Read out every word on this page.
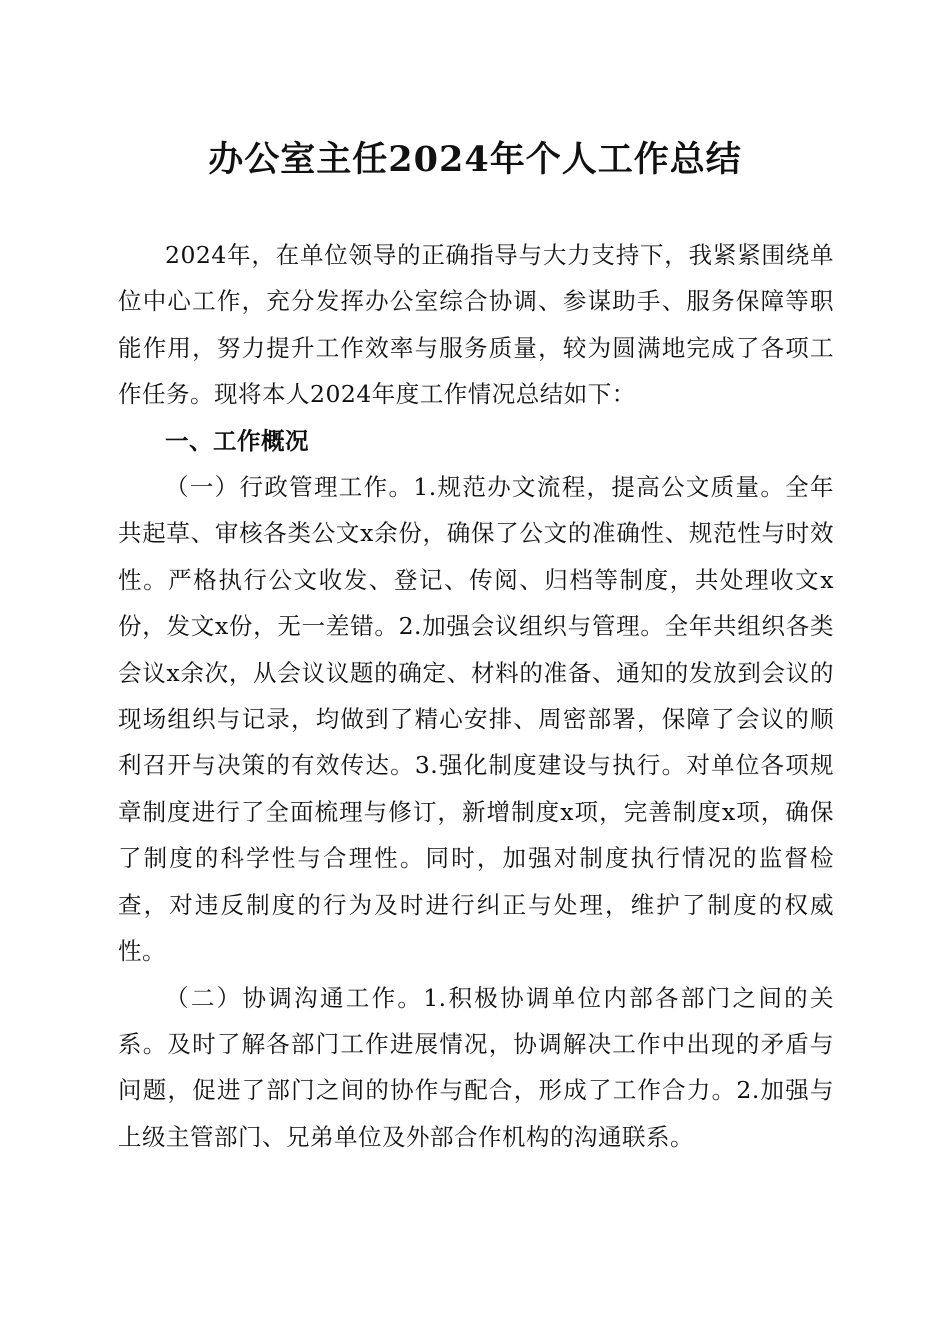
办公室主任2024年个人工作总结

2024年，在单位领导的正确指导与大力支持下，我紧紧围绕单位中心工作，充分发挥办公室综合协调、参谋助手、服务保障等职能作用，努力提升工作效率与服务质量，较为圆满地完成了各项工作任务。现将本人2024年度工作情况总结如下：

一、工作概况

（一）行政管理工作。1.规范办文流程，提高公文质量。全年共起草、审核各类公文x余份，确保了公文的准确性、规范性与时效性。严格执行公文收发、登记、传阅、归档等制度，共处理收文x份，发文x份，无一差错。2.加强会议组织与管理。全年共组织各类会议x余次，从会议议题的确定、材料的准备、通知的发放到会议的现场组织与记录，均做到了精心安排、周密部署，保障了会议的顺利召开与决策的有效传达。3.强化制度建设与执行。对单位各项规章制度进行了全面梳理与修订，新增制度x项，完善制度x项，确保了制度的科学性与合理性。同时，加强对制度执行情况的监督检查，对违反制度的行为及时进行纠正与处理，维护了制度的权威性。

（二）协调沟通工作。1.积极协调单位内部各部门之间的关系。及时了解各部门工作进展情况，协调解决工作中出现的矛盾与问题，促进了部门之间的协作与配合，形成了工作合力。2.加强与上级主管部门、兄弟单位及外部合作机构的沟通联系。
